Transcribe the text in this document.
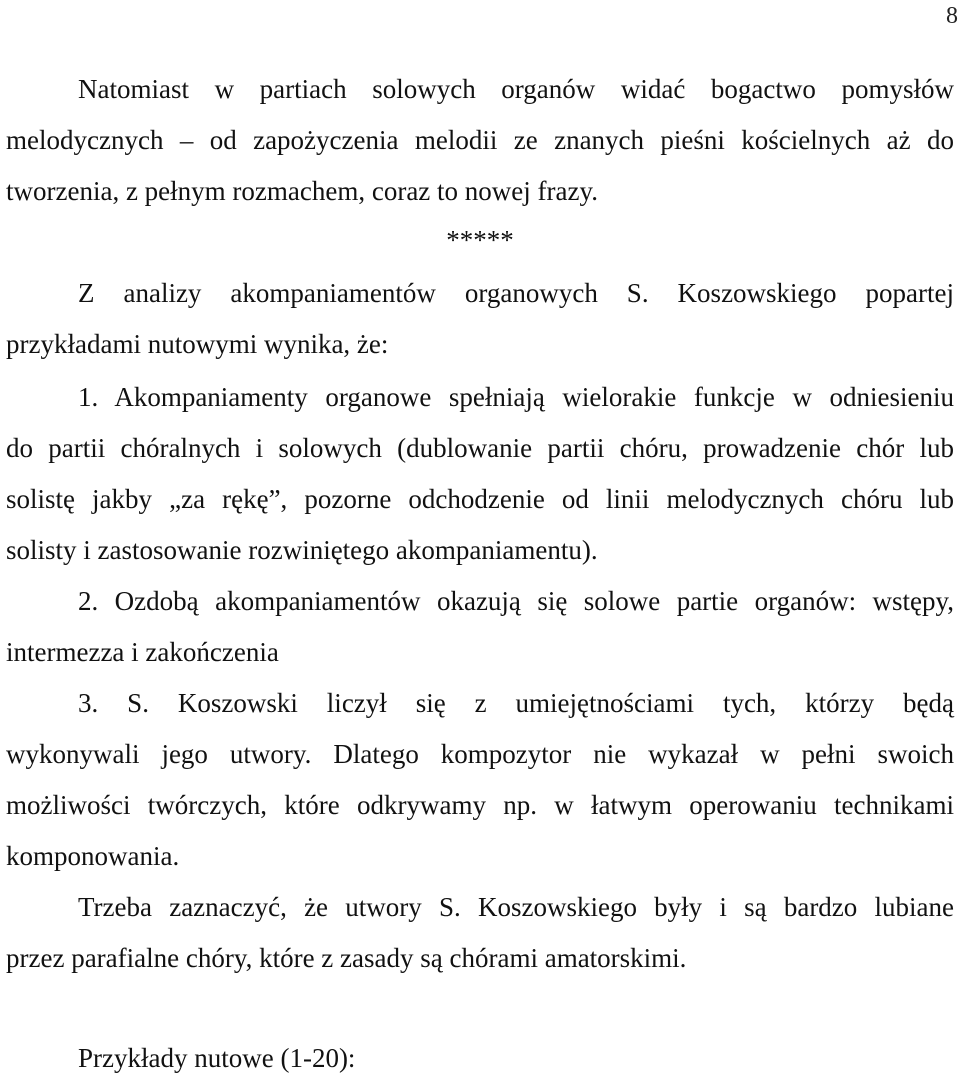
8
Natomiast w partiach solowych organów widać bogactwo pomysłów
melodycznych – od zapożyczenia melodii ze znanych pieśni kościelnych aż do
tworzenia, z pełnym rozmachem, coraz to nowej frazy.
*****
Z analizy akompaniamentów organowych S. Koszowskiego popartej
przykładami nutowymi wynika, że:
1. Akompaniamenty organowe spełniają wielorakie funkcje w odniesieniu
do partii chóralnych i solowych (dublowanie partii chóru, prowadzenie chór lub
solistę jakby „za rękę”, pozorne odchodzenie od linii melodycznych chóru lub
solisty i zastosowanie rozwiniętego akompaniamentu).
2. Ozdobą akompaniamentów okazują się solowe partie organów: wstępy,
intermezza i zakończenia
3. S. Koszowski liczył się z umiejętnościami tych, którzy będą
wykonywali jego utwory. Dlatego kompozytor nie wykazał w pełni swoich
możliwości twórczych, które odkrywamy np. w łatwym operowaniu technikami
komponowania.
Trzeba zaznaczyć, że utwory S. Koszowskiego były i są bardzo lubiane
przez parafialne chóry, które z zasady są chórami amatorskimi.
Przykłady nutowe (1-20):
